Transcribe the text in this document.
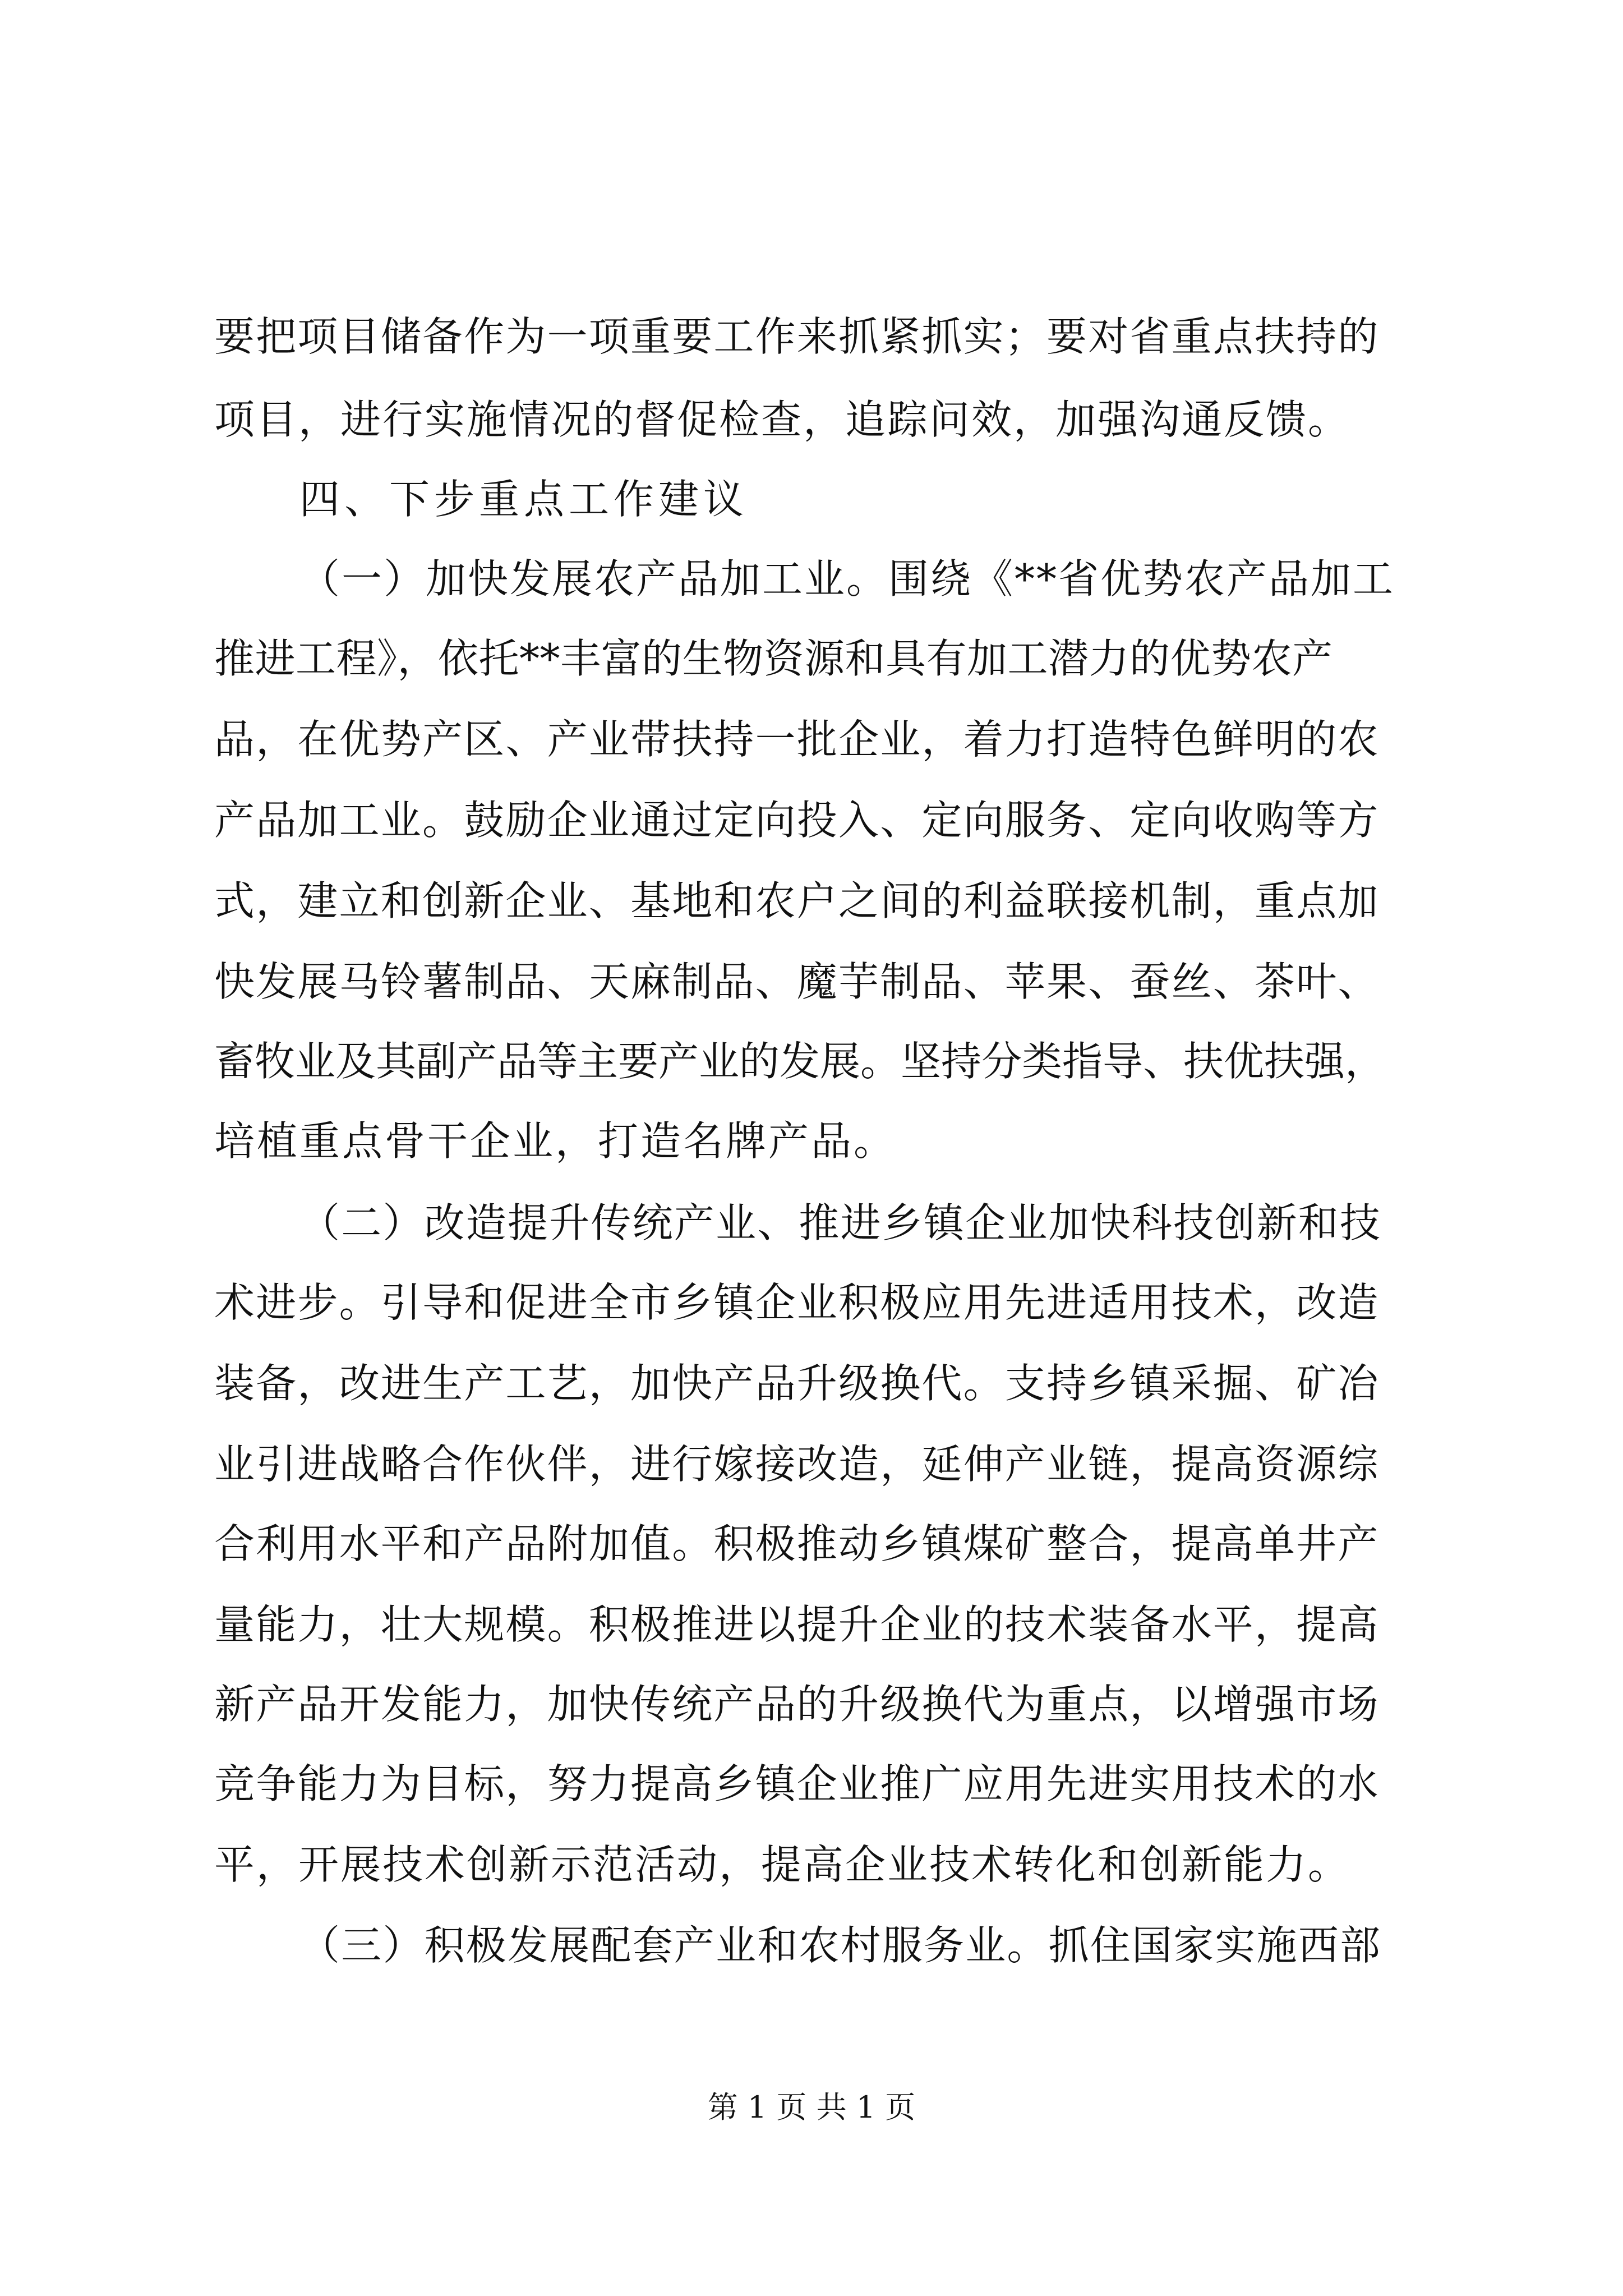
要把项目储备作为一项重要工作来抓紧抓实；要对省重点扶持的
项目，进行实施情况的督促检查，追踪问效，加强沟通反馈。
四、下步重点工作建议
（一）加快发展农产品加工业。围绕《**省优势农产品加工
推进工程》，依托**丰富的生物资源和具有加工潜力的优势农产
品，在优势产区、产业带扶持一批企业，着力打造特色鲜明的农
产品加工业。鼓励企业通过定向投入、定向服务、定向收购等方
式，建立和创新企业、基地和农户之间的利益联接机制，重点加
快发展马铃薯制品、天麻制品、魔芋制品、苹果、蚕丝、茶叶、
畜牧业及其副产品等主要产业的发展。坚持分类指导、扶优扶强，
培植重点骨干企业，打造名牌产品。
（二）改造提升传统产业、推进乡镇企业加快科技创新和技
术进步。引导和促进全市乡镇企业积极应用先进适用技术，改造
装备，改进生产工艺，加快产品升级换代。支持乡镇采掘、矿冶
业引进战略合作伙伴，进行嫁接改造，延伸产业链，提高资源综
合利用水平和产品附加值。积极推动乡镇煤矿整合，提高单井产
量能力，壮大规模。积极推进以提升企业的技术装备水平，提高
新产品开发能力，加快传统产品的升级换代为重点，以增强市场
竞争能力为目标，努力提高乡镇企业推广应用先进实用技术的水
平，开展技术创新示范活动，提高企业技术转化和创新能力。
（三）积极发展配套产业和农村服务业。抓住国家实施西部
第 1 页 共 1 页
